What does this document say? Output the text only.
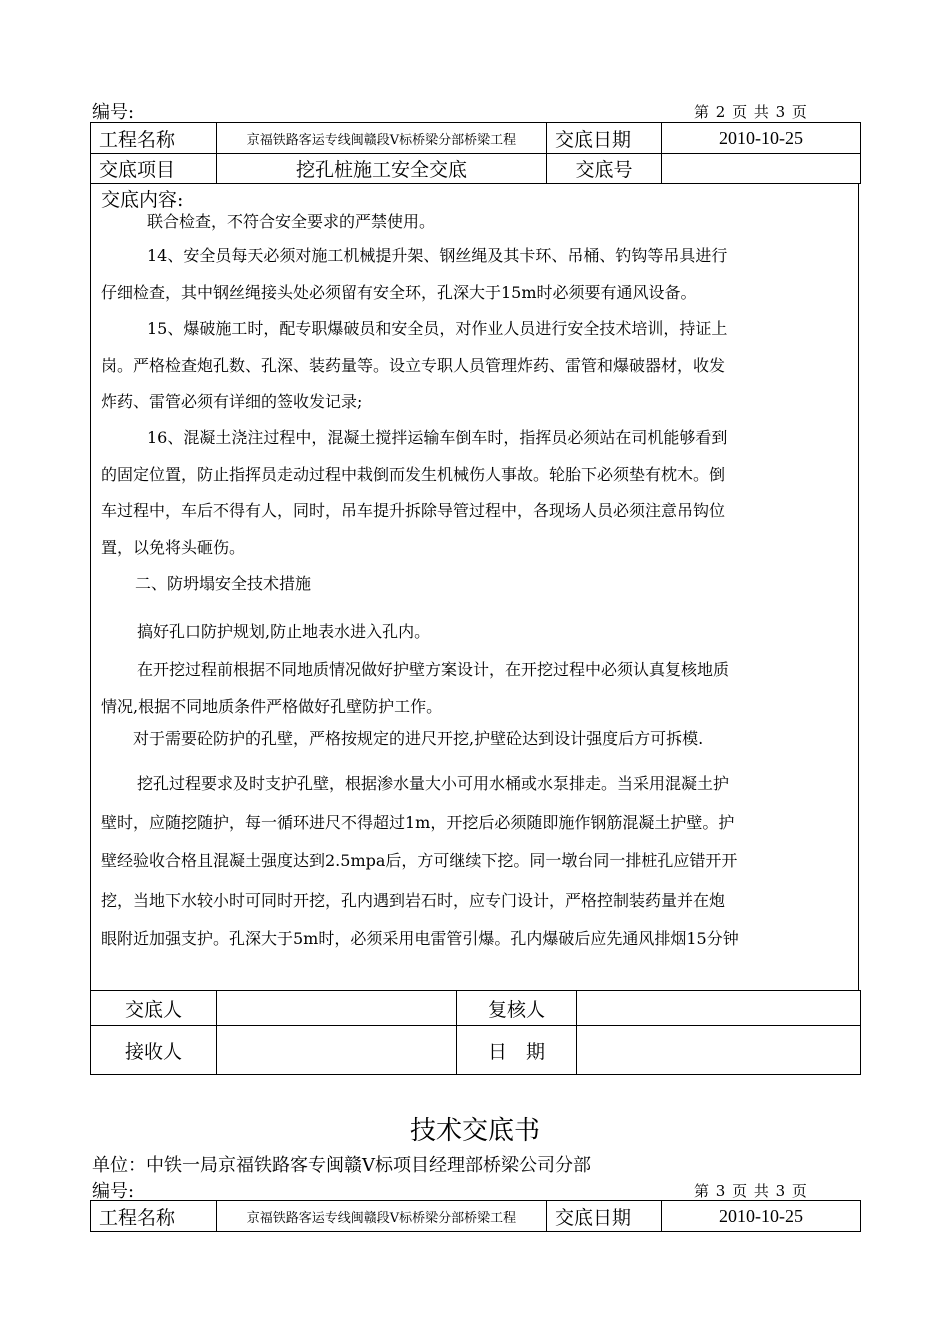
编号:	第 2 页 共 3 页
工程名称	京福铁路客运专线闽赣段Ⅴ标桥梁分部桥梁工程	交底日期	2010-10-25
交底项目	挖孔桩施工安全交底	交底号	
交底内容:
联合检查，不符合安全要求的严禁使用。
14、安全员每天必须对施工机械提升架、钢丝绳及其卡环、吊桶、钓钩等吊具进行
仔细检查，其中钢丝绳接头处必须留有安全环，孔深大于15m时必须要有通风设备。
15、爆破施工时，配专职爆破员和安全员，对作业人员进行安全技术培训，持证上
岗。严格检查炮孔数、孔深、装药量等。设立专职人员管理炸药、雷管和爆破器材，收发
炸药、雷管必须有详细的签收发记录;
16、混凝土浇注过程中，混凝土搅拌运输车倒车时，指挥员必须站在司机能够看到
的固定位置，防止指挥员走动过程中栽倒而发生机械伤人事故。轮胎下必须垫有枕木。倒
车过程中，车后不得有人，同时，吊车提升拆除导管过程中，各现场人员必须注意吊钩位
置，以免将头砸伤。
二、防坍塌安全技术措施
搞好孔口防护规划,防止地表水进入孔内。
在开挖过程前根据不同地质情况做好护壁方案设计，在开挖过程中必须认真复核地质
情况,根据不同地质条件严格做好孔壁防护工作。
对于需要砼防护的孔壁，严格按规定的进尺开挖,护壁砼达到设计强度后方可拆模.
挖孔过程要求及时支护孔壁，根据渗水量大小可用水桶或水泵排走。当采用混凝土护
壁时，应随挖随护，每一循环进尺不得超过1m，开挖后必须随即施作钢筋混凝土护壁。护
壁经验收合格且混凝土强度达到2.5mpa后，方可继续下挖。同一墩台同一排桩孔应错开开
挖，当地下水较小时可同时开挖，孔内遇到岩石时，应专门设计，严格控制装药量并在炮
眼附近加强支护。孔深大于5m时，必须采用电雷管引爆。孔内爆破后应先通风排烟15分钟
交底人		复核人	
接收人		日　期	
技术交底书
单位：中铁一局京福铁路客专闽赣Ⅴ标项目经理部桥梁公司分部
编号:	第 3 页 共 3 页
工程名称	京福铁路客运专线闽赣段Ⅴ标桥梁分部桥梁工程	交底日期	2010-10-25
